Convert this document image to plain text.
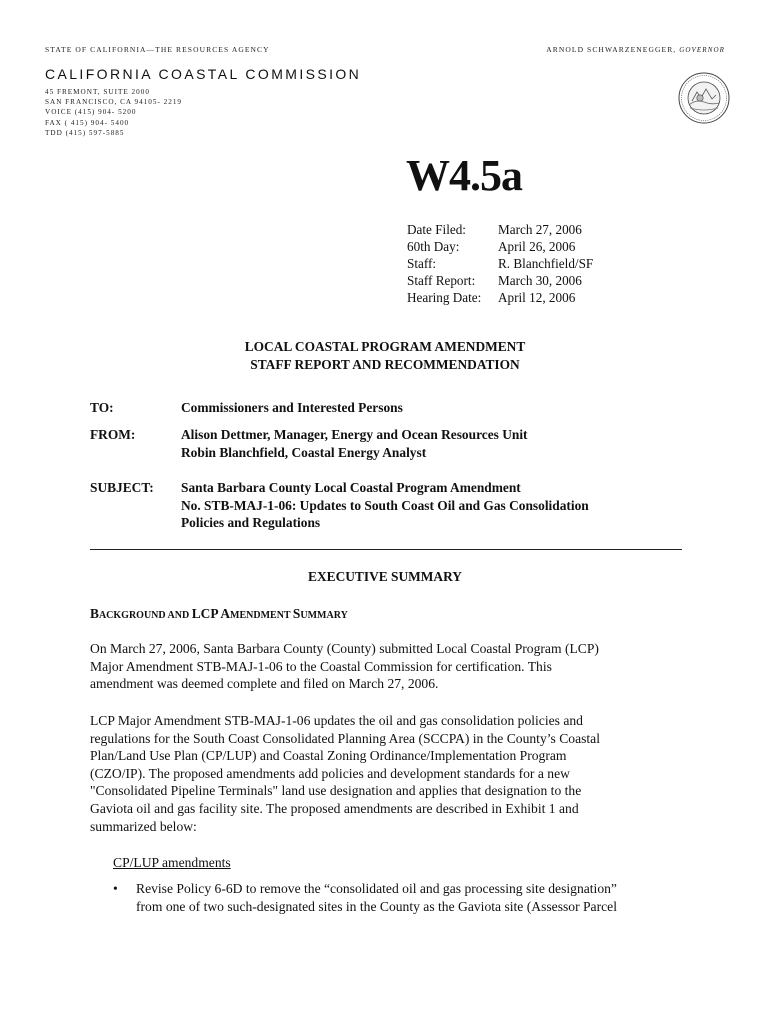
STATE OF CALIFORNIA—THE RESOURCES AGENCY	ARNOLD SCHWARZENEGGER, GOVERNOR
CALIFORNIA COASTAL COMMISSION
45 FREMONT, SUITE 2000
SAN FRANCISCO, CA 94105- 2219
VOICE (415) 904- 5200
FAX ( 415) 904- 5400
TDD (415) 597-5885
W4.5a
Date Filed:	March 27, 2006
60th Day:	April 26, 2006
Staff:	R. Blanchfield/SF
Staff Report:	March 30, 2006
Hearing Date:	April 12, 2006
LOCAL COASTAL PROGRAM AMENDMENT
STAFF REPORT AND RECOMMENDATION
TO:	Commissioners and Interested Persons
FROM:	Alison Dettmer, Manager, Energy and Ocean Resources Unit
Robin Blanchfield, Coastal Energy Analyst
SUBJECT: Santa Barbara County Local Coastal Program Amendment
No. STB-MAJ-1-06: Updates to South Coast Oil and Gas Consolidation
Policies and Regulations
EXECUTIVE SUMMARY
BACKGROUND AND LCP AMENDMENT SUMMARY
On March 27, 2006, Santa Barbara County (County) submitted Local Coastal Program (LCP)
Major Amendment STB-MAJ-1-06 to the Coastal Commission for certification. This
amendment was deemed complete and filed on March 27, 2006.
LCP Major Amendment STB-MAJ-1-06 updates the oil and gas consolidation policies and
regulations for the South Coast Consolidated Planning Area (SCCPA) in the County’s Coastal
Plan/Land Use Plan (CP/LUP) and Coastal Zoning Ordinance/Implementation Program
(CZO/IP). The proposed amendments add policies and development standards for a new
"Consolidated Pipeline Terminals" land use designation and applies that designation to the
Gaviota oil and gas facility site. The proposed amendments are described in Exhibit 1 and
summarized below:
CP/LUP amendments
• Revise Policy 6-6D to remove the “consolidated oil and gas processing site designation”
from one of two such-designated sites in the County as the Gaviota site (Assessor Parcel
